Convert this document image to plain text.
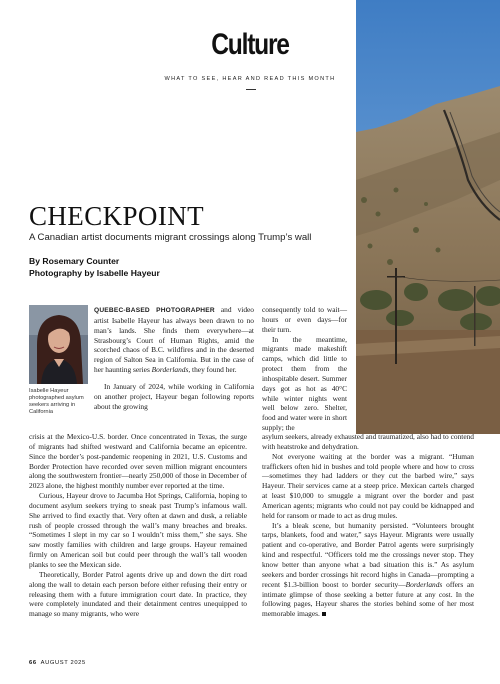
Culture
WHAT TO SEE, HEAR AND READ THIS MONTH
CHECKPOINT

A Canadian artist documents migrant crossings along Trump’s wall

By Rosemary Counter

Photography by Isabelle Hayeur

Isabelle Hayeur photographed asylum seekers arriving in California

QUEBEC-BASED PHOTOGRAPHER and video artist Isabelle Hayeur has always been drawn to no man’s lands. She finds them everywhere—at Strasbourg’s Court of Human Rights, amid the scorched chaos of B.C. wildfires and in the deserted region of Salton Sea in California. But in the case of her haunting series Borderlands, they found her.

In January of 2024, while working in California on another project, Hayeur began following reports about the growing

consequently told to wait—hours or even days—for their turn.

In the meantime, migrants made makeshift camps, which did little to protect them from the inhospitable desert. Summer days got as hot as 40°C while winter nights went well below zero. Shelter, food and water were in short supply; the

crisis at the Mexico-U.S. border. Once concentrated in Texas, the surge of migrants had shifted westward and California became an epicentre. Since the border’s post-pandemic reopening in 2021, U.S. Customs and Border Protection have recorded over seven million migrant encounters along the southwestern frontier—nearly 250,000 of those in December of 2023 alone, the highest monthly number ever reported at the time.

Curious, Hayeur drove to Jacumba Hot Springs, California, hoping to document asylum seekers trying to sneak past Trump’s infamous wall. She arrived to find exactly that. Very often at dawn and dusk, a reliable rush of people crossed through the wall’s many breaches and breaks. “Sometimes I slept in my car so I wouldn’t miss them,” she says. She saw mostly families with children and large groups. Hayeur remained firmly on American soil but could peer through the wall’s tall wooden planks to see the Mexican side.

Theoretically, Border Patrol agents drive up and down the dirt road along the wall to detain each person before either refusing their entry or releasing them with a future immigration court date. In practice, they were completely inundated and their detainment centres unequipped to manage so many migrants, who were

asylum seekers, already exhausted and traumatized, also had to contend with heatstroke and dehydration.

Not everyone waiting at the border was a migrant. “Human traffickers often hid in bushes and told people where and how to cross—sometimes they had ladders or they cut the barbed wire,” says Hayeur. Their services came at a steep price. Mexican cartels charged at least $10,000 to smuggle a migrant over the border and past American agents; migrants who could not pay could be kidnapped and held for ransom or made to act as drug mules.

It’s a bleak scene, but humanity persisted. “Volunteers brought tarps, blankets, food and water,” says Hayeur. Migrants were usually patient and co-operative, and Border Patrol agents were surprisingly kind and respectful. “Officers told me the crossings never stop. They know better than anyone what a bad situation this is.” As asylum seekers and border crossings hit record highs in Canada—prompting a recent $1.3-billion boost to border security—Borderlands offers an intimate glimpse of those seeking a better future at any cost. In the following pages, Hayeur shares the stories behind some of her most memorable images.

66 AUGUST 2025
